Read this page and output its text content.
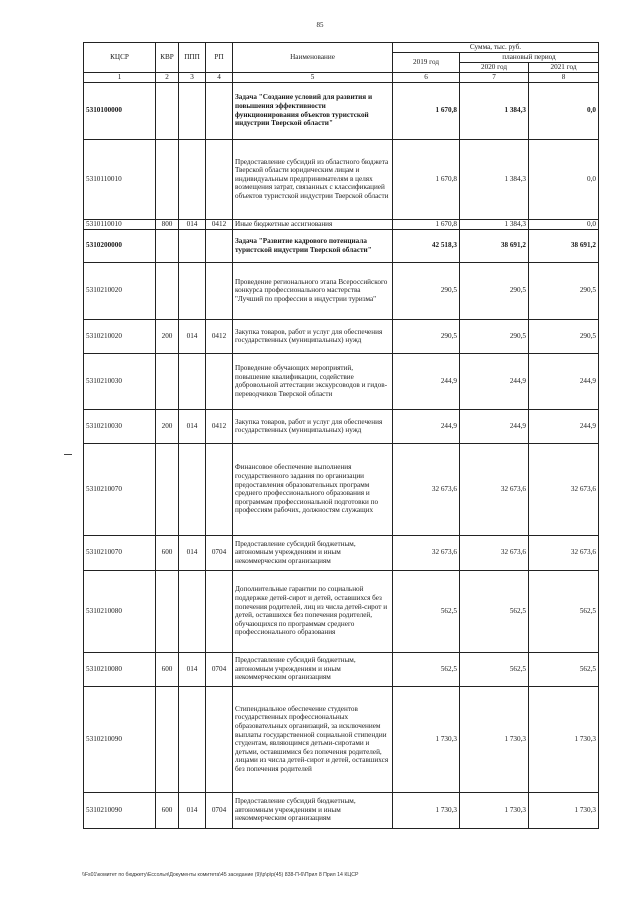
85
КЦСР	КВР	ППП	РП	Наименование	Сумма, тыс. руб.		
					2019 год	плановый период	
						2020 год	2021 год
1	2	3	4	5	6	7	8
5310100000				Задача "Создание условий для развития и повышения эффективности функционирования объектов туристской индустрии Тверской области"	1 670,8	1 384,3	0,0
5310110010				Предоставление субсидий из областного бюджета Тверской области юридическим лицам и индивидуальным предпринимателям в целях возмещения затрат, связанных с классификацией объектов туристской индустрии Тверской области	1 670,8	1 384,3	0,0
5310110010	800	014	0412	Иные бюджетные ассигнования	1 670,8	1 384,3	0,0
5310200000				Задача "Развитие кадрового потенциала туристской индустрии Тверской области"	42 518,3	38 691,2	38 691,2
5310210020				Проведение регионального этапа Всероссийского конкурса профессионального мастерства "Лучший по профессии в индустрии туризма"	290,5	290,5	290,5
5310210020	200	014	0412	Закупка товаров, работ и услуг для обеспечения государственных (муниципальных) нужд	290,5	290,5	290,5
5310210030				Проведение обучающих мероприятий, повышение квалификации, содействие добровольной аттестации экскурсоводов и гидов-переводчиков Тверской области	244,9	244,9	244,9
5310210030	200	014	0412	Закупка товаров, работ и услуг для обеспечения государственных (муниципальных) нужд	244,9	244,9	244,9
5310210070				Финансовое обеспечение выполнения государственного задания по организации предоставления образовательных программ среднего профессионального образования и программам профессиональной подготовки по профессиям рабочих, должностям служащих	32 673,6	32 673,6	32 673,6
5310210070	600	014	0704	Предоставление субсидий бюджетным, автономным учреждениям и иным некоммерческим организациям	32 673,6	32 673,6	32 673,6
5310210080				Дополнительные гарантии по социальной поддержке детей-сирот и детей, оставшихся без попечения родителей, лиц из числа детей-сирот и детей, оставшихся без попечения родителей, обучающихся по программам среднего профессионального образования	562,5	562,5	562,5
5310210080	600	014	0704	Предоставление субсидий бюджетным, автономным учреждениям и иным некоммерческим организациям	562,5	562,5	562,5
5310210090				Стипендиальное обеспечение студентов государственных профессиональных образовательных организаций, за исключением выплаты государственной социальной стипендии студентам, являющимся детьми-сиротами и детьми, оставшимися без попечения родителей, лицами из числа детей-сирот и детей, оставшихся без попечения родителей	1 730,3	1 730,3	1 730,3
5310210090	600	014	0704	Предоставление субсидий бюджетным, автономным учреждениям и иным некоммерческим организациям	1 730,3	1 730,3	1 730,3
\\Fs01\комитет по бюджету\Ессолья\Документы комитета\45 заседание (9)\р\р\р(45) 838-П-6\Прил 8 Прил 14 КЦСР
